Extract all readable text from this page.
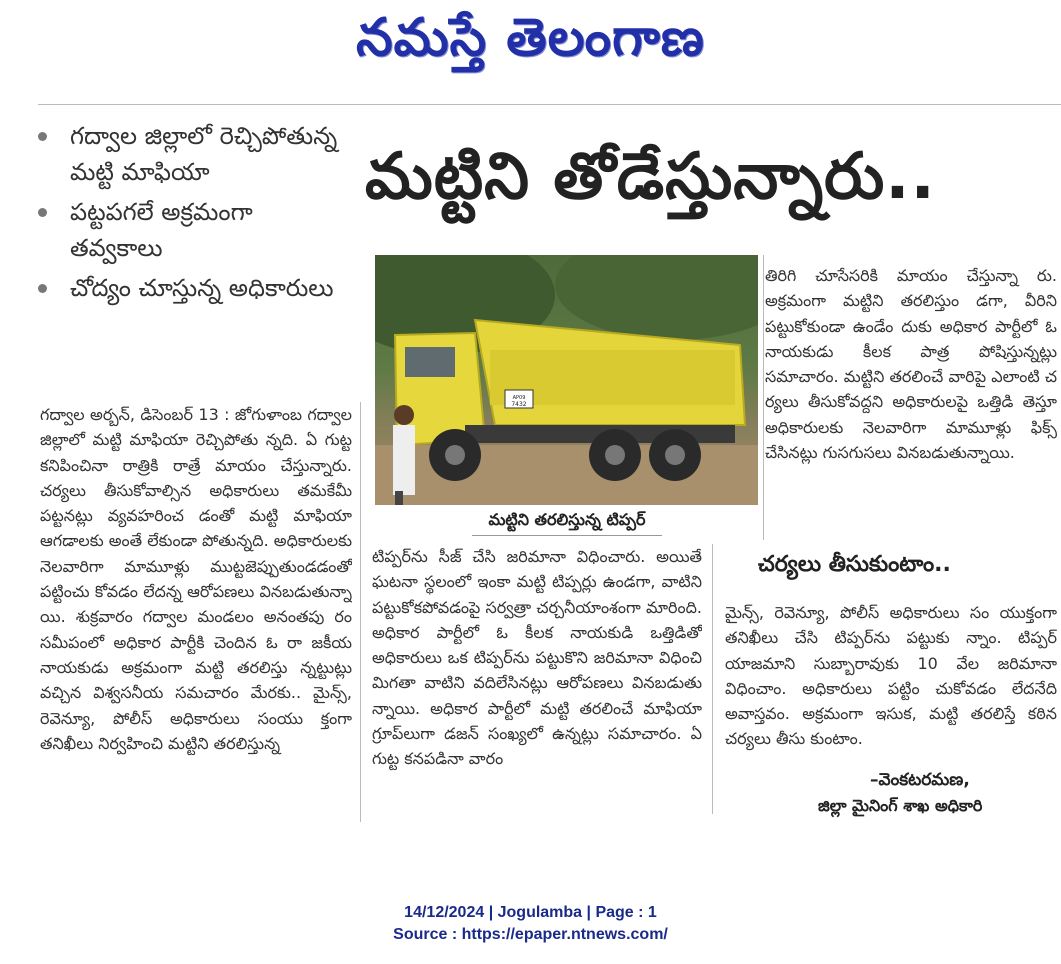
నమస్తే తెలంగాణ
గద్వాల జిల్లాలో రెచ్చిపోతున్న మట్టి మాఫియా
పట్టపగలే అక్రమంగా తవ్వకాలు
చోద్యం చూస్తున్న అధికారులు
మట్టిని తోడేస్తున్నారు..

గద్వాల అర్బన్, డిసెంబర్ 13 : జోగుళాంబ గద్వాల జిల్లాలో మట్టి మాఫియా రెచ్చిపోతు న్నది. ఏ గుట్ట కనిపించినా రాత్రికి రాత్రే మాయం చేస్తున్నారు. చర్యలు తీసుకోవాల్సిన అధికారులు తమకేమీ పట్టనట్లు వ్యవహరించ డంతో మట్టి మాఫియా ఆగడాలకు అంతే లేకుండా పోతున్నది. అధికారులకు నెలవారిగా మామూళ్లు ముట్టజెప్పుతుండడంతో పట్టించు కోవడం లేదన్న ఆరోపణలు వినబడుతున్నా యి. శుక్రవారం గద్వాల మండలం అనంతపు రం సమీపంలో అధికార పార్టీకి చెందిన ఓ రా జకీయ నాయకుడు అక్రమంగా మట్టి తరలిస్తు న్నట్టుట్లు వచ్చిన విశ్వసనీయ సమచారం మేరకు.. మైన్స్, రెవెన్యూ, పోలీస్ అధికారులు సంయు క్తంగా తనిఖీలు నిర్వహించి మట్టిని తరలిస్తున్న

AP09
7432
మట్టిని తరలిస్తున్న టిప్పర్

టిప్పర్‌ను సీజ్ చేసి జరిమానా విధించారు. అయితే ఘటనా స్థలంలో ఇంకా మట్టి టిప్పర్లు ఉండగా, వాటిని పట్టుకోకపోవడంపై సర్వత్రా చర్చనీయాంశంగా మారింది. అధికార పార్టీలో ఓ కీలక నాయకుడి ఒత్తిడితో అధికారులు ఒక టిప్పర్‌ను పట్టుకొని జరిమానా విధించి మిగతా వాటిని వదిలేసినట్లు ఆరోపణలు వినబడుతు న్నాయి. అధికార పార్టీలో మట్టి తరలించే మాఫియా గ్రూప్‌లుగా డజన్ సంఖ్యలో ఉన్నట్లు సమాచారం. ఏ గుట్ట కనపడినా వారం

తిరిగి చూసేసరికి మాయం చేస్తున్నా రు. అక్రమంగా మట్టిని తరలిస్తుం డగా, వీరిని పట్టుకోకుండా ఉండేం దుకు అధికార పార్టీలో ఓ నాయకుడు కీలక పాత్ర పోషిస్తున్నట్లు సమాచారం. మట్టిని తరలించే వారిపై ఎలాంటి చ ర్యలు తీసుకోవద్దని అధికారులపై ఒత్తిడి తెస్తూ అధికారులకు నెలవారిగా మామూళ్లు ఫిక్స్ చేసినట్లు గుసగుసలు వినబడుతున్నాయి.

చర్యలు తీసుకుంటాం..

మైన్స్, రెవెన్యూ, పోలీస్ అధికారులు సం యుక్తంగా తనిఖీలు చేసి టిప్పర్‌ను పట్టుకు న్నాం. టిప్పర్ యాజమాని సుబ్బారావుకు 10 వేల జరిమానా విధించాం. అధికారులు పట్టిం చుకోవడం లేదనేది అవాస్తవం. అక్రమంగా ఇసుక, మట్టి తరలిస్తే కఠిన చర్యలు తీసు కుంటాం.

–వెంకటరమణ,
జిల్లా మైనింగ్ శాఖ అధికారి
14/12/2024 | Jogulamba | Page : 1
Source : https://epaper.ntnews.com/
